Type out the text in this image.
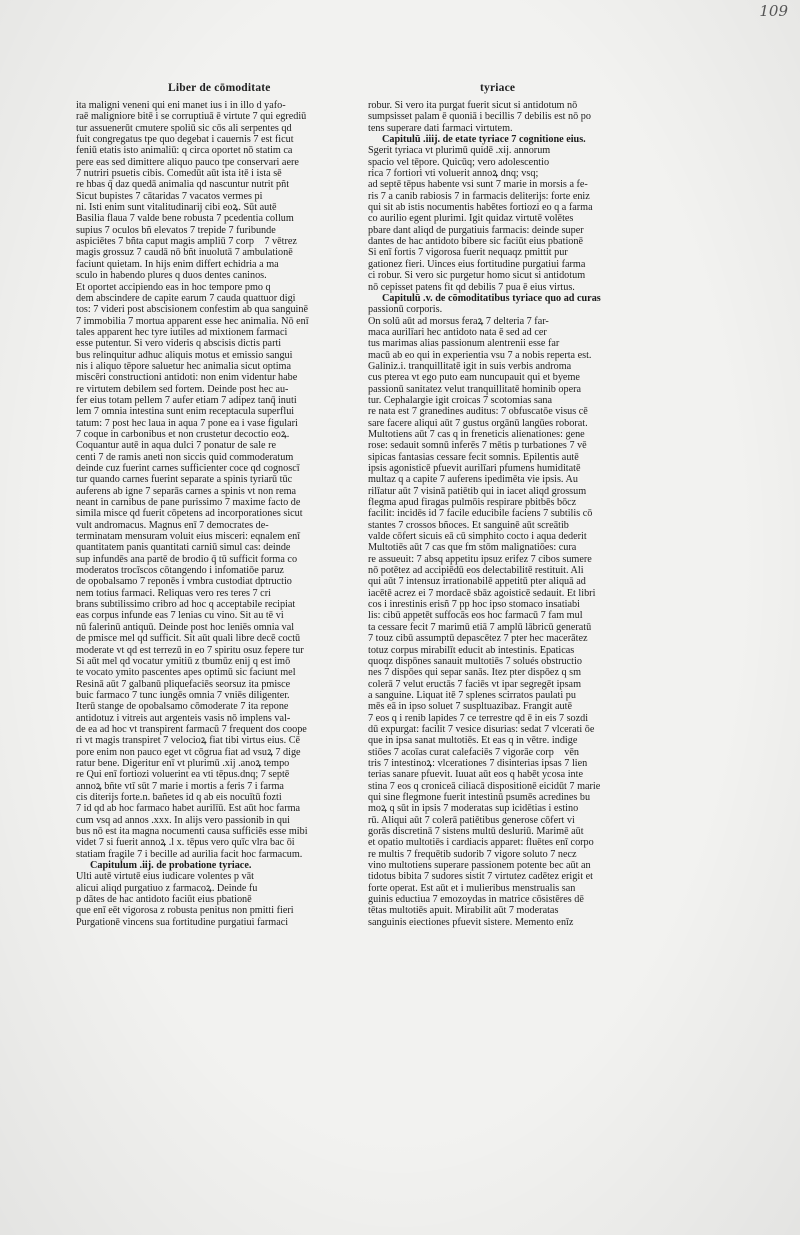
109
Liber de cōmoditate	tyriace
ita maligni veneni qui eni manet ius i in illo d yafo-
raē maligniore bitē i se corruptiuā ē virtute 7 qui egrediū
tur assuenerūt cmutere spoliū sic cōs ali serpentes qd
fuit congregatus tpe quo degebat i cauernis 7 est ficut
feniū etatis isto animaliū: q circa oportet nō statim ca
pere eas sed dimittere aliquo pauco tpe conservari aere
7 nutriri psuetis cibis. Comedūt aūt ista itē i ista sē
re hbas q̄ daz quedā animalia qd nascuntur nutrit pñt
Sicut bupistes 7 cātaridas 7 vacatos vermes pi
ni. Isti enim sunt vitalitudinarij cibi eoꝝ. Sūt autē
Basilia flaua 7 valde bene robusta 7 pcedentia collum
supius 7 oculos bñ elevatos 7 trepide 7 furibunde
aspiciētes 7 bñta caput magis ampliū 7 corpᷣ 7 vētrez
magis grossuz 7 caudā nō bñt inuolutā 7 ambulationē
faciunt quietam. In hijs enim differt echidria a ma
sculo in habendo plures q duos dentes caninos.
Et oportet accipiendo eas in hoc tempore pmo q
dem abscindere de capite earum 7 cauda quattuor digi
tos: 7 videri post abscisionem confestim ab qua sanguinē
7 immobilia 7 mortua apparent esse hec animalia. Nō enī
tales apparent hec tyre iutiles ad mixtionem farmaci
esse putentur. Si vero videris q abscisis dictis parti
bus relinquitur adhuc aliquis motus et emissio sangui
nis i aliquo tēpore saluetur hec animalia sicut optima
miscēri constructioni antidoti: non enim videntur habe
re virtutem debilem sed fortem. Deinde post hec au-
fer eius totam pellem 7 aufer etiam 7 adipez tanq̄ inuti
lem 7 omnia intestina sunt enim receptacula superflui
tatum: 7 post hec laua in aqua 7 pone ea i vase figulari
7 coque in carbonibus et non crustetur decoctio eoꝝ.
Coquantur autē in aqua dulci 7 ponatur de sale re
centi 7 de ramis aneti non siccis quid commoderatum
deinde cuz fuerint carnes sufficienter coce qd cognoscī
tur quando carnes fuerint separate a spinis tyriarū tūc
auferens ab igne 7 separās carnes a spinis vt non rema
neant in carnibus de pane purissimo 7 maxime facto de
simila misce qd fuerit cōpetens ad incorporationes sicut
vult andromacus. Magnus enī 7 democrates de-
terminatam mensuram voluit eius misceri: eqnalem enī
quantitatem panis quantitati carniū simul cas: deinde
sup infundēs ana partē de brodio q̄ tū sufficit forma co
moderatos trocīscos cōtangendo i infomatiōe paruz
de opobalsamo 7 reponēs i vmbra custodiat d̄ptructio
nem totius farmaci. Reliquas vero res teres 7 cri
brans subtilissimo cribro ad hoc q acceptabile recipiat
eas corpus infunde eas 7 lenias cu vino. Sit au tē vi
nū falerinū antiquū. Deinde post hoc leniēs omnia val
de pmisce mel qd sufficit. Sit aūt quali libre decē coctū
moderate vt qd est terrezū in eo 7 spiritu osuz fepere tur
Si aūt mel qd vocatur ymitiū z tbumūz enij q est imō
te vocato ymito pascentes apes optimū sic faciunt mel
Resinā aūt 7 galbanū pliquefaciēs seorsuz ita pmisce
buic farmaco 7 tunc iungēs omnia 7 vniēs diligenter.
Iterū stange de opobalsamo cōmoderate 7 ita repone
antidotuz i vitreis aut argenteis vasis nō implens val-
de ea ad hoc vt transpirent farmacū 7 frequent dos coope
ri vt magis transpiret 7 velocioꝝ fiat tibi virtus eius. Cē
pore enim non pauco eget vt cōgrua fiat ad vsuꝝ 7 dige
ratur bene. Digeritur enī vt plurimū .xij .anoꝝ tempo
re Qui enī fortiozi voluerint ea vti tēpus.dnq; 7 septē
annoꝝ bñte vtī sūt 7 marie i mortis a feris 7 i farma
cis diterijs forte.n. bañetes id q ab eis nocuītū fozti
7 id qd ab hoc farmaco habet aurilīū. Est aūt hoc farma
cum vsq ad annos .xxx. In alijs vero passionib in qui
bus nō est ita magna nocumenti causa sufficiēs esse mibi
videt 7 si fuerit annoꝝ .l x. tēpus vero quīc vlra bac ōi
statiam fragile 7 i becille ad aurilia facit hoc farmacum.
Capitulum .iij. de probatione tyriace.
Ulti autē virtutē eius iudicare volentes p vāt
alicui aliqd purgatiuo z farmacoꝝ. Deinde fu
p dātes de hac antidoto faciūt eius pbationē
que enī eēt vigorosa z robusta penitus non pmitti fieri
Purgationē vincens sua fortitudine purgatiui farmaci
robur. Si vero ita purgat fuerit sicut si antidotum nō
sumpsisset palam ē quoniā i becillis 7 debilis est nō po
tens superare dati farmaci virtutem.
Capitulū .iiij. de etate tyriace 7 cognitione eius.
Sgerit tyriaca vt plurimū quidē .xij. annorum
spacio vel tēpore. Quicūq; vero adolescentio
rica 7 fortiori vti voluerit annoꝝ dnq; vsq;
ad septē tēpus habente vsi sunt 7 marie in morsis a fe-
ris 7 a canib rabiosis 7 in farmacis deliterijs: forte eniz
qui sit ab istis nocumentis habētes fortiozi eo q a farma
co aurilio egent plurimi. Igit quidaz virtutē volētes
pbare dant aliqd de purgatiuis farmacis: deinde super
dantes de hac antidoto bibere sic faciūt eius pbationē
Si enī fortis 7 vigorosa fuerit nequaqz pmittit pur
gationez fieri. Uinces eius fortitudine purgatiui farma
ci robur. Si vero sic purgetur homo sicut si antidotum
nō cepisset patens fit qd debilis 7 pua ē eius virtus.
Capitulū .v. de cōmoditatibus tyriace quo ad curas
passionū corporis.
On solū aūt ad morsus feraꝝ 7 delteria 7 far-
maca aurilīari hec antidoto nata ē sed ad cer
tus marimas alias passionum alentrenii esse far
macū ab eo qui in experientia vsu 7 a nobis reperta est.
Galiniz.i. tranquillitatē igit in suis verbis androma
cus pterea vt ego puto eam nuncupauit qui et byeme
passionū sanitatez velut tranquillitatē hominib opera
tur. Cephalargie igit croicas 7 scotomias sana
re nata est 7 granedines auditus: 7 obfuscatōe visus cē
sare facere aliqui aūt 7 gustus orgānū langūes roborat.
Multotiens aūt 7 cas q in freneticis alienationes: gene
rose: sedauit somnū inferēs 7 mētis p turbationes 7 vē
sipicas fantasias cessare fecit somnis. Epilentis autē
ipsis agonisticē pfuevit aurilīari pfumens humiditatē
multaz q a capite 7 auferens ipedimēta vie ipsis. Au
rilīatur aūt 7 visinā patiētib qui in iacet aliqd grossum
flegma apud firagas pulmōis respirare pbitbēs bōcz
facilit: incidēs id 7 facile educibile faciens 7 subtilis cō
stantes 7 crossos bñoces. Et sanguinē aūt screātib
valde cōfert sicuis eā cū simphito cocto i aqua dederit
Multotiēs aūt 7 cas que fm stōm malignatiōes: cura
re assueuit: 7 absq appetitu ipsuz erifez 7 cibos sumere
nō potētez ad accipiēdū eos delectabilitē restituit. Ali
qui aūt 7 intensuz irrationabilē appetitū pter aliquā ad
iacētē acrez ei 7 mordacē sbāz agoisticē sedauit. Et libri
cos i inrestinis erisñ 7 pp hoc ipso stomaco insatiabi
lis: cibū appetēt suffocās eos hoc farmacū 7 fam mul
ta cessare fecit 7 marimū etiā 7 amplū lābricū generatū
7 touz cibū assumptū depascētez 7 pter hec macerātez
totuz corpus mirabilīt educit ab intestinis. Epaticas
quoqz dispōnes sanauit multotiēs 7 solués obstructio
nes 7 dispōes qui separ sanās. Itez pter dispōez q sm
colerā 7 velut eructās 7 faciēs vt ipar segregēt ipsam
a sanguine. Liquat itē 7 splenes scirratos paulati pu
mēs eā in ipso soluet 7 suspltuazibaz. Frangit autē
7 eos q i renib lapides 7 ce terrestre qd ē in eis 7 sozdi
dū expurgat: facilit 7 vesice disurias: sedat 7 vlcerati ōe
que in ipsa sanat multotiēs. Et eas q in vētre. indige
stiōes 7 acoīas curat calefaciēs 7 vigorāe corpᷣ vēn
tris 7 intestinoꝝ: vlcerationes 7 disinterias ipsas 7 lien
terias sanare pfuevit. Iuuat aūt eos q habēt ycosa inte
stina 7 eos q croniceā ciliacā dispositionē eicidūt 7 marie
qui sine flegmone fuerit intestinū psumēs acredines bu
moꝝ q sūt in ipsis 7 moderatas sup icidētias i estino
rū. Aliqui aūt 7 colerā patiētibus generose cōfert vi
gorās discretinā 7 sistens multū desluriū. Marimē aūt
et opatio multotiēs i cardiacis apparet: fluētes enī corpo
re multis 7 frequētib sudorib 7 vigore soluto 7 necz
vino multotiens superare passionem potente bec aūt an
tidotus bibita 7 sudores sistit 7 virtutez cadētez erigit et
forte operat. Est aūt et i mulieribus menstrualis san
guinis eductiua 7 emozoydas in matrice cōsistēres dē
tētas multotiēs apuit. Mirabilit aūt 7 moderatas
sanguinis eiectiones pfuevit sistere. Memento enīz
